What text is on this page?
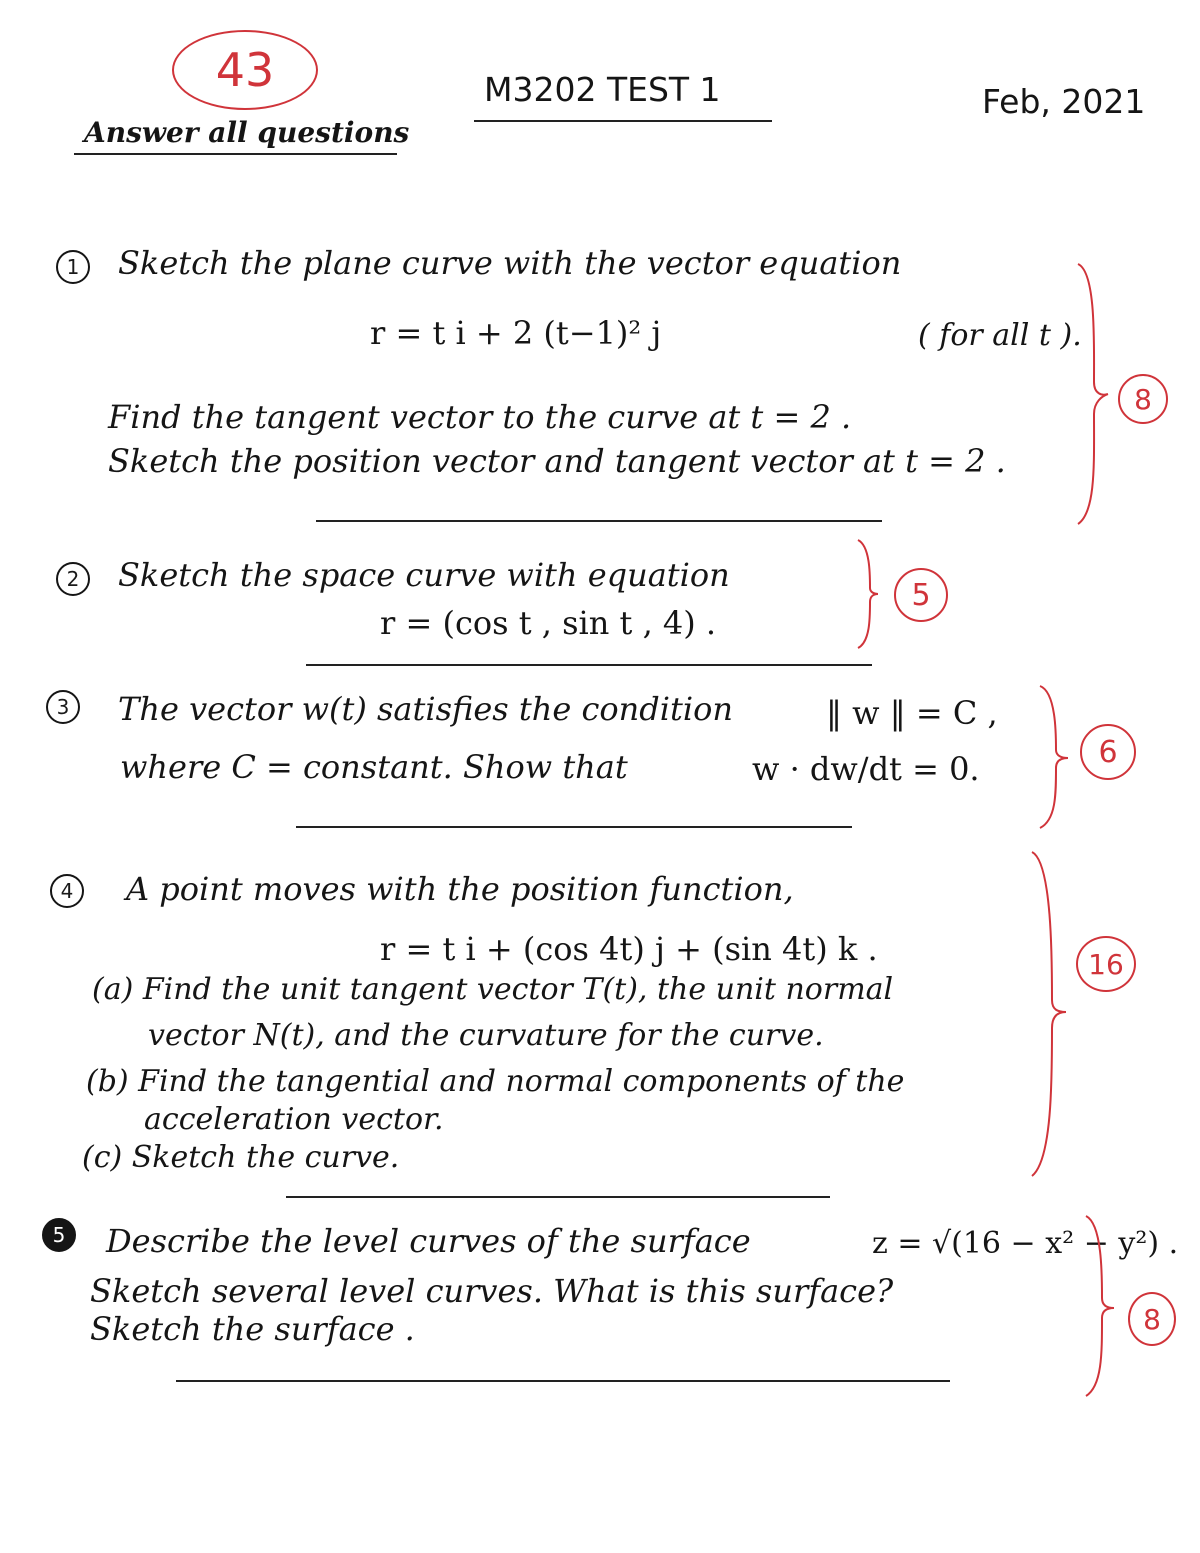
43	M3202 TEST 1	Feb, 2021
Answer all questions
1	Sketch the plane curve with the vector equation
r = t i + 2 (t−1)² j	( for all t ).
Find the tangent vector to the curve at t = 2 .
Sketch the position vector and tangent vector at t = 2 .
8
2	Sketch the space curve with equation
r = (cos t , sin t , 4) .
5
3	The vector w(t) satisfies the condition	‖ w ‖ = C ,
where C = constant. Show that	w · dw/dt = 0.	6
4	A point moves with the position function,
r = t i + (cos 4t) j + (sin 4t) k .
(a) Find the unit tangent vector T(t), the unit normal
vector N(t), and the curvature for the curve.
(b) Find the tangential and normal components of the
acceleration vector.
(c) Sketch the curve.
16
5	Describe the level curves of the surface	z = √(16 − x² − y²) .
Sketch several level curves. What is this surface?
Sketch the surface .	8
